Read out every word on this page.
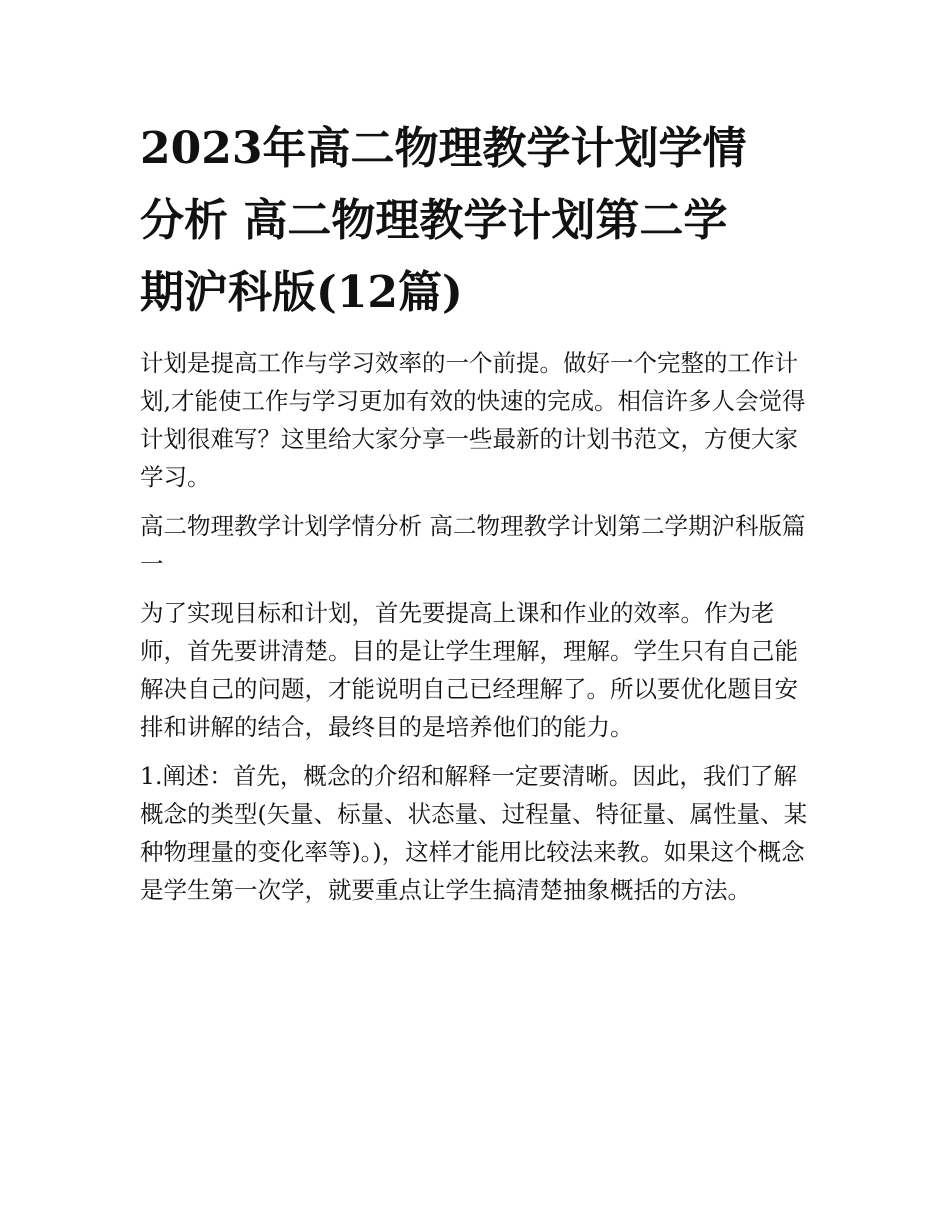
2023年高二物理教学计划学情
分析 高二物理教学计划第二学
期沪科版(12篇)

计划是提高工作与学习效率的一个前提。做好一个完整的工作计划,才能使工作与学习更加有效的快速的完成。相信许多人会觉得计划很难写？这里给大家分享一些最新的计划书范文，方便大家学习。

高二物理教学计划学情分析 高二物理教学计划第二学期沪科版篇一

为了实现目标和计划，首先要提高上课和作业的效率。作为老师，首先要讲清楚。目的是让学生理解，理解。学生只有自己能解决自己的问题，才能说明自己已经理解了。所以要优化题目安排和讲解的结合，最终目的是培养他们的能力。

1.阐述：首先，概念的介绍和解释一定要清晰。因此，我们了解概念的类型(矢量、标量、状态量、过程量、特征量、属性量、某种物理量的变化率等)。)，这样才能用比较法来教。如果这个概念是学生第一次学，就要重点让学生搞清楚抽象概括的方法。
